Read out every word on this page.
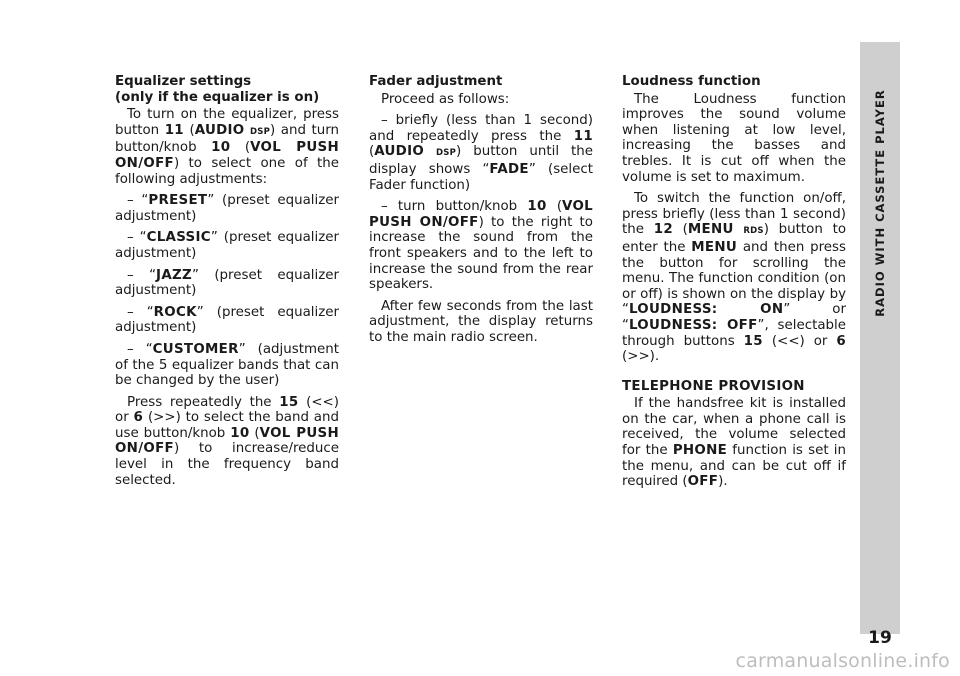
Equalizer settings
(only if the equalizer is on)

To turn on the equalizer, press button 11 (AUDIO DSP) and turn button/knob 10 (VOL PUSH ON/OFF) to select one of the following adjustments:

– “PRESET” (preset equalizer adjustment)

– “CLASSIC” (preset equalizer adjustment)

– “JAZZ” (preset equalizer adjustment)

– “ROCK” (preset equalizer adjustment)

– “CUSTOMER” (adjustment of the 5 equalizer bands that can be changed by the user)

Press repeatedly the 15 (<<) or 6 (>>) to select the band and use button/knob 10 (VOL PUSH ON/OFF) to increase/reduce level in the frequency band selected.

Fader adjustment

Proceed as follows:

– briefly (less than 1 second) and repeatedly press the 11 (AUDIO DSP) button until the display shows “FADE” (select Fader function)

– turn button/knob 10 (VOL PUSH ON/OFF) to the right to increase the sound from the front speakers and to the left to increase the sound from the rear speakers.

After few seconds from the last adjustment, the display returns to the main radio screen.

Loudness function

The Loudness function improves the sound volume when listening at low level, increasing the basses and trebles. It is cut off when the volume is set to maximum.

To switch the function on/off, press briefly (less than 1 second) the 12 (MENU RDS) button to enter the MENU and then press the button for scrolling the menu. The function condition (on or off) is shown on the display by “LOUDNESS: ON” or “LOUDNESS: OFF”, selectable through buttons 15 (<<) or 6 (>>).

TELEPHONE PROVISION

If the handsfree kit is installed on the car, when a phone call is received, the volume selected for the PHONE function is set in the menu, and can be cut off if required (OFF).

RADIO WITH CASSETTE PLAYER
19
carmanualsonline.info
